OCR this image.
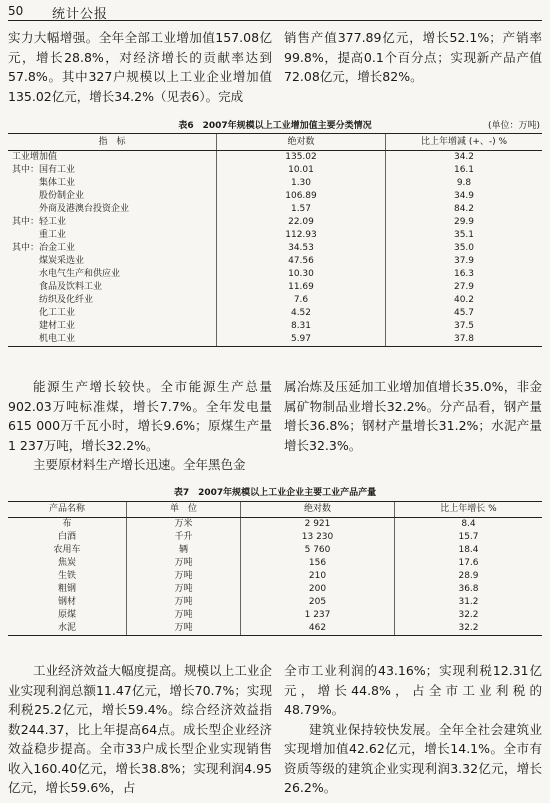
50 统计公报

实力大幅增强。全年全部工业增加值157.08亿元，增长28.8%，对经济增长的贡献率达到57.8%。其中327户规模以上工业企业增加值135.02亿元，增长34.2%（见表6）。完成

销售产值377.89亿元，增长52.1%；产销率99.8%，提高0.1个百分点；实现新产品产值72.08亿元，增长82%。

表6　2007年规模以上工业增加值主要分类情况	(单位：万吨)
指　标	绝对数	比上年增减 (+、-) %
工业增加值	135.02	34.2
其中：国有工业	10.01	16.1
　　　集体工业	1.30	9.8
　　　股份制企业	106.89	34.9
　　　外商及港澳台投资企业	1.57	84.2
其中：轻工业	22.09	29.9
　　　重工业	112.93	35.1
其中：冶金工业	34.53	35.0
　　　煤炭采选业	47.56	37.9
　　　水电气生产和供应业	10.30	16.3
　　　食品及饮料工业	11.69	27.9
　　　纺织及化纤业	7.6	40.2
　　　化工工业	4.52	45.7
　　　建材工业	8.31	37.5
　　　机电工业	5.97	37.8

能源生产增长较快。全市能源生产总量902.03万吨标准煤，增长7.7%。全年发电量615 000万千瓦小时，增长9.6%；原煤生产量1 237万吨，增长32.2%。

主要原材料生产增长迅速。全年黑色金

属冶炼及压延加工业增加值增长35.0%，非金属矿物制品业增长32.2%。分产品看，钢产量增长36.8%；钢材产量增长31.2%；水泥产量增长32.3%。

表7　2007年规模以上工业企业主要工业产品产量
产品名称	单　位	绝对数	比上年增长 %
布	万米	2 921	8.4
白酒	千升	13 230	15.7
农用车	辆	5 760	18.4
焦炭	万吨	156	17.6
生铁	万吨	210	28.9
粗钢	万吨	200	36.8
钢材	万吨	205	31.2
原煤	万吨	1 237	32.2
水泥	万吨	462	32.2

工业经济效益大幅度提高。规模以上工业企业实现利润总额11.47亿元，增长70.7%；实现利税25.2亿元，增长59.4%。综合经济效益指数244.37，比上年提高64点。成长型企业经济效益稳步提高。全市33户成长型企业实现销售收入160.40亿元，增长38.8%；实现利润4.95亿元，增长59.6%，占

全市工业利润的43.16%；实现利税12.31亿元，增长44.8%，占全市工业利税的48.79%。

建筑业保持较快发展。全年全社会建筑业实现增加值42.62亿元，增长14.1%。全市有资质等级的建筑企业实现利润3.32亿元，增长26.2%。
